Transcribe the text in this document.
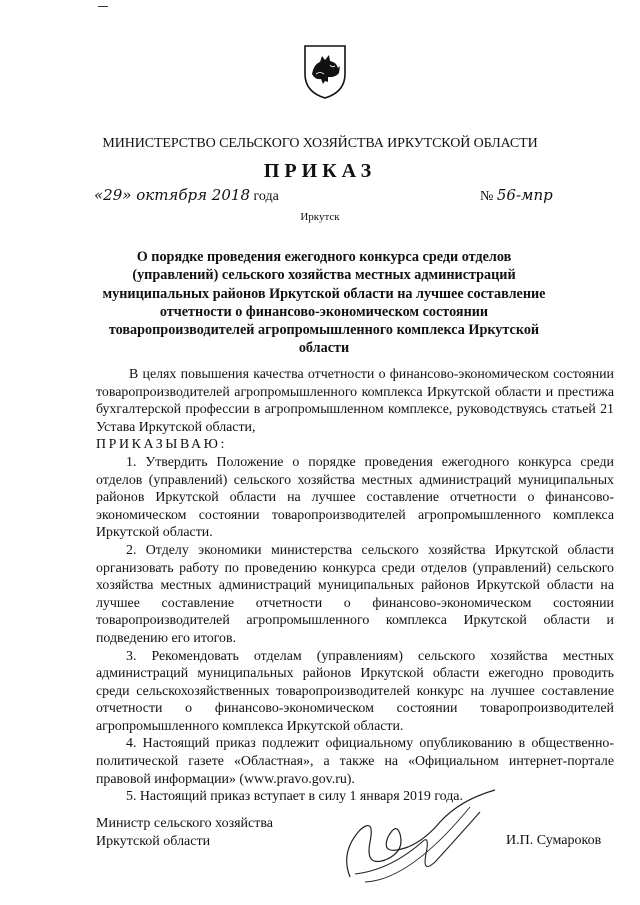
МИНИСТЕРСТВО СЕЛЬСКОГО ХОЗЯЙСТВА ИРКУТСКОЙ ОБЛАСТИ
ПРИКАЗ
«29» октября 2018 года	№ 56-мпр
Иркутск
О порядке проведения ежегодного конкурса среди отделов (управлений) сельского хозяйства местных администраций муниципальных районов Иркутской области на лучшее составление отчетности о финансово-экономическом состоянии товаропроизводителей агропромышленного комплекса Иркутской области

В целях повышения качества отчетности о финансово-экономическом состоянии товаропроизводителей агропромышленного комплекса Иркутской области и престижа бухгалтерской профессии в агропромышленном комплексе, руководствуясь статьей 21 Устава Иркутской области,

ПРИКАЗЫВАЮ:

1. Утвердить Положение о порядке проведения ежегодного конкурса среди отделов (управлений) сельского хозяйства местных администраций муниципальных районов Иркутской области на лучшее составление отчетности о финансово-экономическом состоянии товаропроизводителей агропромышленного комплекса Иркутской области.

2. Отделу экономики министерства сельского хозяйства Иркутской области организовать работу по проведению конкурса среди отделов (управлений) сельского хозяйства местных администраций муниципальных районов Иркутской области на лучшее составление отчетности о финансово-экономическом состоянии товаропроизводителей агропромышленного комплекса Иркутской области и подведению его итогов.

3. Рекомендовать отделам (управлениям) сельского хозяйства местных администраций муниципальных районов Иркутской области ежегодно проводить среди сельскохозяйственных товаропроизводителей конкурс на лучшее составление отчетности о финансово-экономическом состоянии товаропроизводителей агропромышленного комплекса Иркутской области.

4. Настоящий приказ подлежит официальному опубликованию в общественно-политической газете «Областная», а также на «Официальном интернет-портале правовой информации» (www.pravo.gov.ru).

5. Настоящий приказ вступает в силу 1 января 2019 года.

Министр сельского хозяйства
Иркутской области	И.П. Сумароков
